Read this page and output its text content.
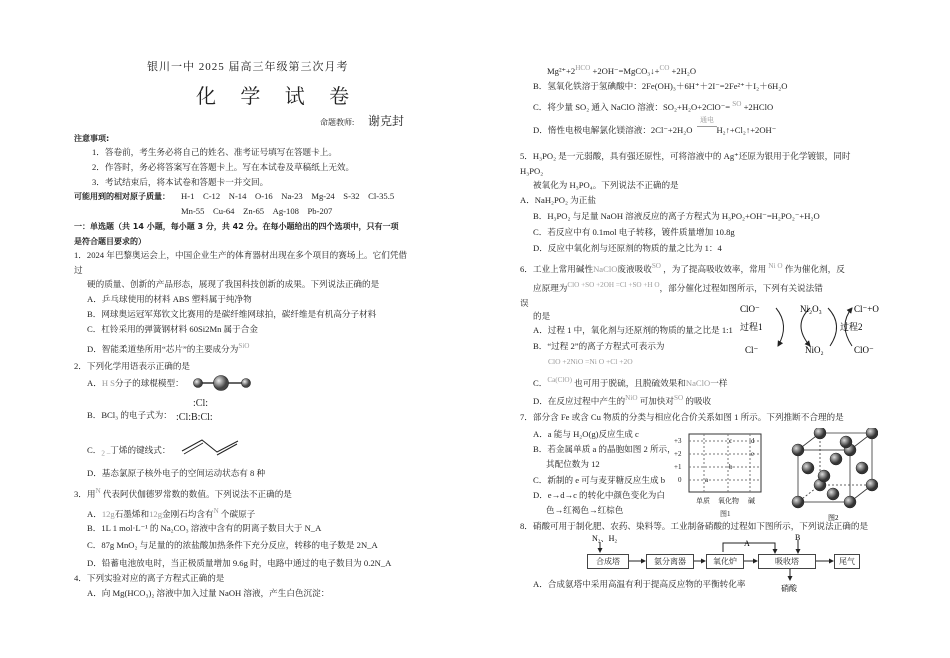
银川一中 2025 届高三年级第三次月考
化 学 试 卷
命题教师: 谢克封
注意事项:
1．答卷前，考生务必将自己的姓名、准考证号填写在答题卡上。
2．作答时，务必将答案写在答题卡上。写在本试卷及草稿纸上无效。
3．考试结束后，将本试卷和答题卡一并交回。
可能用到的相对原子质量： H-1　C-12　N-14　O-16　Na-23　Mg-24　S-32　Cl-35.5
Mn-55　Cu-64　Zn-65　Ag-108　Pb-207
一：单选题（共 14 小题，每小题 3 分，共 42 分。在每小题给出的四个选项中，只有一项
是符合题目要求的）
1．2024 年巴黎奥运会上，中国企业生产的体育器材出现在多个项目的赛场上。它们凭借
过
硬的质量、创新的产品形态，展现了我国科技创新的成果。下列说法正确的是
A．乒乓球使用的材料 ABS 塑料属于纯净物
B．网球奥运冠军郑钦文比赛用的是碳纤维网球拍，碳纤维是有机高分子材料
C．杠铃采用的弹簧钢材料 60Si2Mn 属于合金
D．智能柔道垫所用“芯片”的主要成分为$^{SiO}$
2．下列化学用语表示正确的是
A．H S分子的球棍模型：
B．BCl₃ 的电子式为：
:Cl:
:Cl:B:Cl:
C．$_{2 -}$丁烯的键线式：
D．基态氯原子核外电子的空间运动状态有 8 种
3．用$^N$ 代表阿伏伽德罗常数的数值。下列说法不正确的是
A．12g石墨烯和12g金刚石均含有$^N$ 个碳原子
B．1L 1 mol·L⁻¹ 的 Na₂CO₃ 溶液中含有的阴离子数目大于 N_A
C．87g MnO₂ 与足量的的浓盐酸加热条件下充分反应，转移的电子数是 2N_A
D．铅蓄电池放电时，当正极质量增加 9.6g 时，电路中通过的电子数目为 0.2N_A
4．下列实验对应的离子方程式正确的是
A．向 Mg(HCO₃)₂ 溶液中加入过量 NaOH 溶液，产生白色沉淀：
$Mg^{2+}+2^{HCO}$ +2OH⁻=MgCO₃↓+$^{CO}$ +2H₂O
B．氢氧化铁溶于氢碘酸中：2Fe(OH)₃＋6H⁺＋2I⁻=2Fe²⁺＋I₂＋6H₂O
C．将少量 SO₂ 通入 NaClO 溶液：SO₂+H₂O+2ClO⁻= $^{SO}$ +2HClO
通电
D．惰性电极电解氯化镁溶液：2Cl⁻+2H₂O	H₂↑+Cl₂↑+2OH⁻
5．H₃PO₂ 是一元弱酸，具有强还原性，可将溶液中的 Ag⁺还原为银用于化学镀银，同时
H₃PO₂
被氧化为 H₃PO₄。下列说法不正确的是
A．NaH₂PO₂ 为正盐
B．H₃PO₂ 与足量 NaOH 溶液反应的离子方程式为 H₃PO₂+OH⁻=H₂PO₂⁻+H₂O
C．若反应中有 0.1mol 电子转移，镀件质量增加 10.8g
D．反应中氧化剂与还原剂的物质的量之比为 1：4
6．工业上常用碱性NaClO废液吸收$^{SO}$ ，为了提高吸收效率，常用 $^{Ni O}$ 作为催化剂，反
应原理为$^{ClO +SO +2OH =Cl +SO +H O}$，部分催化过程如图所示，下列有关说法错
误
的是
A．过程 1 中，氧化剂与还原剂的物质的量之比是 1:1
B．“过程 2”的离子方程式可表示为
ClO +2NiO =Ni O +Cl +2O
C．$^{Ca(ClO)}$ 也可用于脱硫，且脱硫效果和NaClO一样
D．在反应过程中产生的$^{NiO}$ 可加快对$^{SO}$ 的吸收
ClO⁻	Ni₂O₃	Cl⁻+O
过程1	过程2
Cl⁻	NiO₂	ClO⁻
7．部分含 Fe 或含 Cu 物质的分类与相应化合价关系如图 1 所示。下列推断不合理的是
A．a 能与 H₂O(g)反应生成 c
B．若金属单质 a 的晶胞如图 2 所示，
其配位数为 12
C．新制的 e 可与麦芽糖反应生成 b
D．e→d→c 的转化中颜色变化为白
色→红褐色→红棕色
+3
+2
+1
0	a
b
c	d
e
单质 氧化物 碱
图1	图2
8．硝酸可用于制化肥、农药、染料等。工业制备硝酸的过程如下图所示，下列说法正确的是
N₂、H₂
A
B
硝酸
合成塔	氨分离器	氧化炉	吸收塔	尾气
A．合成氨塔中采用高温有利于提高反应物的平衡转化率
